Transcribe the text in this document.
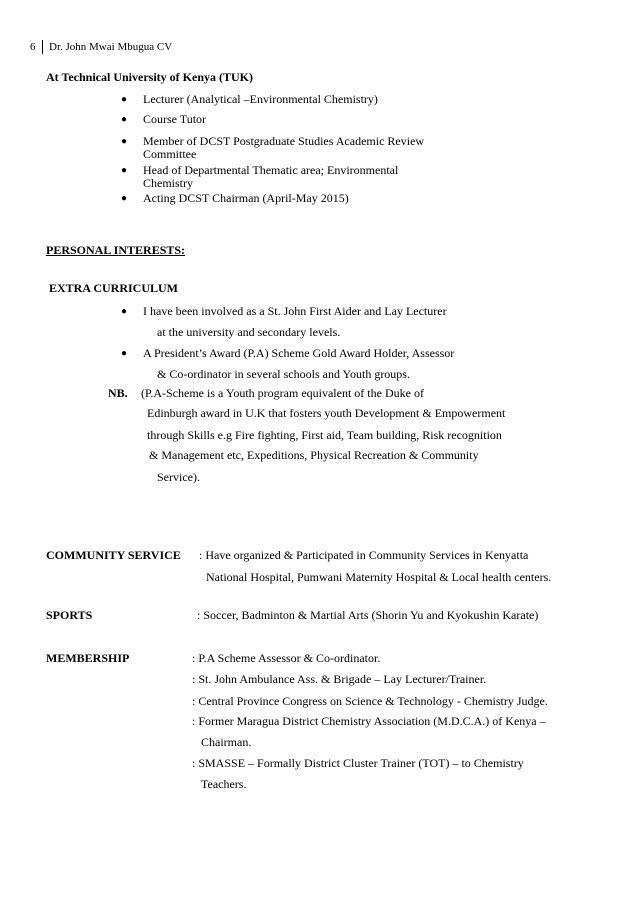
6 Dr. John Mwai Mbugua CV
At Technical University of Kenya (TUK)
● Lecturer (Analytical –Environmental Chemistry)
● Course Tutor
● Member of DCST Postgraduate Studies Academic Review
Committee
● Head of Departmental Thematic area; Environmental
Chemistry
● Acting DCST Chairman (April-May 2015)
PERSONAL INTERESTS:
EXTRA CURRICULUM
● I have been involved as a St. John First Aider and Lay Lecturer
at the university and secondary levels.
● A President’s Award (P.A) Scheme Gold Award Holder, Assessor
& Co-ordinator in several schools and Youth groups.
NB. (P.A-Scheme is a Youth program equivalent of the Duke of
Edinburgh award in U.K that fosters youth Development & Empowerment
through Skills e.g Fire fighting, First aid, Team building, Risk recognition
& Management etc, Expeditions, Physical Recreation & Community
Service).
COMMUNITY SERVICE : Have organized & Participated in Community Services in Kenyatta
National Hospital, Pumwani Maternity Hospital & Local health centers.
SPORTS	: Soccer, Badminton & Martial Arts (Shorin Yu and Kyokushin Karate)
MEMBERSHIP	: P.A Scheme Assessor & Co-ordinator.
: St. John Ambulance Ass. & Brigade – Lay Lecturer/Trainer.
: Central Province Congress on Science & Technology - Chemistry Judge.
: Former Maragua District Chemistry Association (M.D.C.A.) of Kenya –
Chairman.
: SMASSE – Formally District Cluster Trainer (TOT) – to Chemistry
Teachers.
